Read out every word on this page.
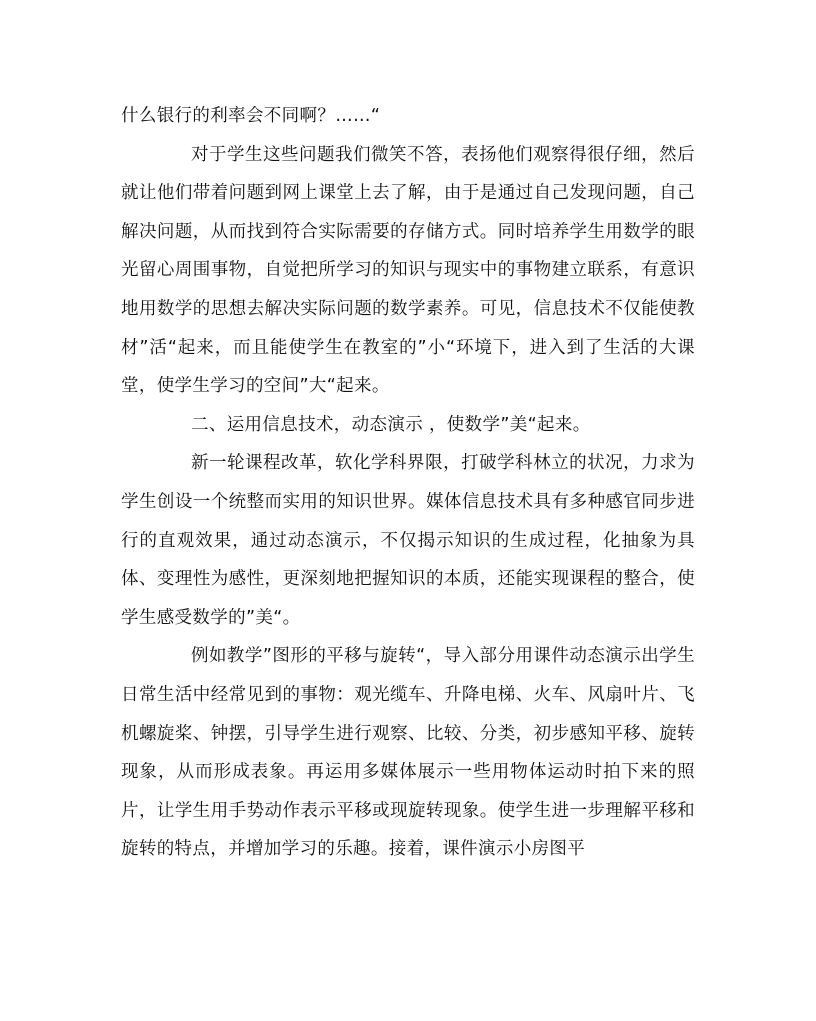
什么银行的利率会不同啊？……“

对于学生这些问题我们微笑不答，表扬他们观察得很仔细，然后就让他们带着问题到网上课堂上去了解，由于是通过自己发现问题，自己解决问题，从而找到符合实际需要的存储方式。同时培养学生用数学的眼光留心周围事物，自觉把所学习的知识与现实中的事物建立联系，有意识地用数学的思想去解决实际问题的数学素养。可见，信息技术不仅能使教材”活“起来，而且能使学生在教室的”小“环境下，进入到了生活的大课堂，使学生学习的空间”大“起来。

二、运用信息技术，动态演示 ，使数学”美“起来。

新一轮课程改革，软化学科界限，打破学科林立的状况，力求为学生创设一个统整而实用的知识世界。媒体信息技术具有多种感官同步进行的直观效果，通过动态演示，不仅揭示知识的生成过程，化抽象为具体、变理性为感性，更深刻地把握知识的本质，还能实现课程的整合，使学生感受数学的”美“。

例如教学”图形的平移与旋转“，导入部分用课件动态演示出学生日常生活中经常见到的事物：观光缆车、升降电梯、火车、风扇叶片、飞机螺旋桨、钟摆，引导学生进行观察、比较、分类，初步感知平移、旋转现象，从而形成表象。再运用多媒体展示一些用物体运动时拍下来的照片，让学生用手势动作表示平移或现旋转现象。使学生进一步理解平移和旋转的特点，并增加学习的乐趣。接着，课件演示小房图平
